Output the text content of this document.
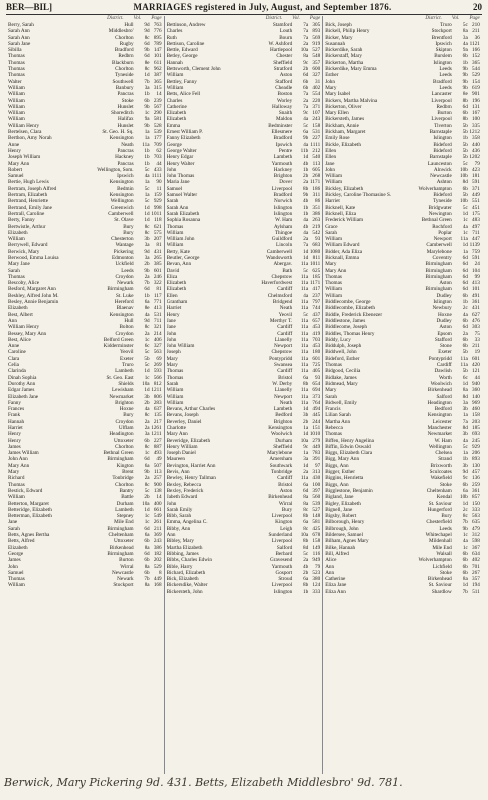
BER—BIL]	MARRIAGES registered in July, August, and September 1876.	20
District. Vol. Page
Berry, Sarah	Hull	9d 763
Sarah Ann	Middlesbro'	9d 776
Sarah Ann	Chorlton	8c 895
Sarah Jane	Rugby	6d 789
Sibilla	Bradford	9b 147
Thomas	Redbrn	6d 101
Thomas	Blackburn	8e 611
Thomas	Chorlton	8c 962
Thomas	Tyneside	1d 387
Walter	Southwell	7b 365
William	Banbury	3a 315
William	Pancras	1b	14
William	Stoke	6b 239
William	Hunslet	9b 567
William	Shoreditch	1c 290
William	Halifax	9a 581
William Henry	Hunslet	9b 528
Bertelsen, Clara	St. Geo. H. Sq.	1a 539
Berthon, Amy Norah	Kensington	1a 177
Anne	Neath	11a 709
Henry	Pancras	1b	62
Joseph William	Hackney	1b 703
Mary Ann	Pancras	1b	44
Robert	Wellington, Som.	5c 433
Samuel	Ipswich	4a 1111
Bertie, Hugh Lewis	Kensington	1a	90
Bertram, Joseph Alfred	Bedmin	5c	11
Bertram, Elizabeth	Kensington	1a 159
Bertrand, Henriette	Wellington	5c 929
Bertrand, Emily Jane	Greenwich	1d 998
Bertrall, Caroline	Camberwell	1d 1011
Berty, Fanny	St. Olave	1d 118
Bertwistle, Arthur	Bury	8c 621
Elizabeth	Bury	8c 575
William	Chesterton	3b 207
Berrywell, Edward	Wantage	3a	81
Berwick, Mary	Pickering	9d 431
Berwood, Emma Louisa	Edmonton	3a 265
Mary Jane	Uckfield	2b 385
Sarah	Leeds	9b 601
Thomas	Croydon	2a 246
Bescoby, Alice	Newark	7b 322
Besford, Margaret Ann	Birmingham	6d	81
Beshley, Alfred John M.	St. Luke	1b 117
Besley, Annie Benjamin	Hereford	6a 771
Elizabeth	Blaenav	8e 413
Best, Albert	Kensington	4a 531
Ann	Hull	9d 711
William Henry	Bolton	8c 321
Bessey, Mary Ann	Croydon	2a 214
Best, Alice	Belford Green	1c 406
Anne	Kidderminster	6c 327
Caroline	Yeovil	5c 563
Clara	Exeter	5b	69
Celia	Truro	5c 269
Clarinda	Lambeth	1d 593
Dinah Sophia	St. Geo. East	1c 566
Dorothy Ann	Shields	10a 812
Edgar James	Lewisham	1d 1211
Elizabeth Jane	Newmarket	3b 806
Fanny	Brighton	2b 283
Frances	Hoxne	4a 637
Frank	Bury	8c 135
Hannah	Croydon	2a 217
Harriet	Ulflam	2a 1261
Henry	Headington	3a 1211
Henry	Uttoxeter	6b 227
James	Chorlton	8c 887
James William	Bethnal Green	1c 493
John Ann	Birmingham	6d	49
Mary Ann	Kington	6a 507
Mary	Brent	9b 113
Richard	Tonbridge	2a 257
Thomas	Chorlton	8c 900
Bestick, Edward	Bantry	5c 138
William	Battle	2b	14
Betterton, Margaret	Durham	10a 400
Betteridge, Elizabeth	Lambeth	1d 661
Betterman, Elizabeth	Stepney	1c 549
Jane	Mile End	1c 261
Sarah	Birmingham	6d 211
Betts, Agnes Bertha	Cheltenham	6a 369
Betts, Alfred	Uttoxeter	6b 243
Elizabeth	Birkenhead	8a 386
George	Birmingham	6d 182
James	Burton	6b 202
John	Wirral	8a 529
Samuel	Newcastle	6b	8
Thomas	Newark	7b 449
William	Stockport	8a 168
District. Vol. Page
Bettinson, Andrew	Stamford	7a 305
Charles	Louth	7a 893
Ruth	Bourn	7a 569
Bettison, Caroline	W. Ashford	2a 919
Bettle, Edward	Hartlepool	10a 527
Betley, George	Chester	8a 548
Hannah	Sheffield	9c 357
Bettsworth, Clement John	Stratford	2b 600
William	Aston	6d 327
Bettley, Fanny	Stafford	6b	31
William	Cheadle	6b 402
Betts, Alice Fell	Boston	7a 554
Charles	Worley	2a 220
Catherine	Halloway	7a 371
Elizabeth	Snaith	9c 107
Elizabeth	Maldon	4a 243
Emma	Bedminster	5c 158
Ernest William P.	Ellesmere	6a 531
Fanny Elizabeth	Bradford	9b 227
George	Ipswich	4a 1111
George Walter	Pentre	11b 212
Henry Edgar	Lambeth	1d 540
Henry Walter	Yarmouth	4b 113
John	Hackney	1b 605
John Thomas	Brighton	2b 268
Maria Jane	Dover	2a 1171
Samuel	Liverpool	8b 186
Samuel Walter	Bradford	9b 311
Sarah	Norwich	4b	86
Sarah Ann	Islington	1b 351
Sarah Elizabeth	Islington	1b 386
Sophia Rosanna	W. Ham	4a 263
Thomas	Aylsham	4b 219
William	Thingoe	4a 542
William John	Guildford	2a	93
William	Lincoln	7a 683
Betty, Kate	Camberwell	1d 1080
Beutler, George	Wandsworth	1d 811
Bevan, Ann	Abergav.	11a 1011
David	Bath	5c 625
Eliza	Chepstow	11a 185
Elizabeth	Haverfordwest	11a 1171
Elizabeth	Cardiff	11a 417
Ellen	Chelmsford	4a 237
Grantham	Bridgend	11a 797
Harriet	Neath	11a 744
Henry	Yeovil	5c 437
Jane	Merthyr T.	11a 657
Jane	Cardiff	11a 453
John	Cardiff	11a 419
John	Llanelly	11a 703
John William	Newport	11a 453
Joseph	Chepstow	11a 180
Mary	Pontypridd	11a 601
Mary	Swansea	11a 725
Thomas	Cardiff	11a 405
Thomas	Bristol	6a	93
Sarah	W. Derby	8b 654
William	Llanelly	11a 694
William	Newport	11a 373
William	Neath	11a 764
Bevans, Arthur Charles	Lambeth	1d 494
Bevans, Joseph	Bedford	3b 445
Beverley, Daniel	Brighton	2b 244
Charlotte	Kensington	1a 151
Mary Ann	Woolwich	1d 1010
Beveridge, Elizabeth	Durham	10a 279
Henry William	Sheffield	9c 449
Joseph Daniel	Marylebone	1a 783
Maureen	Amersham	3a 391
Bevington, Harriet Ann	Southwark	1d	97
Bevis, Ann	Tonbridge	2a 313
Bewley, Henry Tallman	Cardiff	11a 430
Bexley, Rebecca	Bristol	6a 100
Bexley, Frederick	Aston	6d 397
Jabeth Edward	Birkenhead	8a 560
John	Wirral	8a 539
Sarah Emily	Bury	8c 527
Bibb, Sarah	Liverpool	8b 148
Emma, Angelina C.	Kington	6a 581
Bibby, Ann	Leigh	8c 425
Ann	Sunderland	10a 678
Bibley, Mary	Liverpool	8b 158
Martha Elizabeth	Salford	8d 149
Bibbing, James	Berbard	5c 116
Bibbs, Charles Edwin	Gravesend	2a 949
Bible, Harry	Yarmouth	4b	79
Bichard, Elizabeth	Gosport	2b 523
Bick, Elizabeth	Stroud	6a 380
Bickersdike, Walter	Liverpool	8b 124
Bickersteth, John	Islington	1b 333
District. Vol. Page
Bick, Joseph	Truro	5c 210
Bickell, Philip Henry	Stockport	8a 211
Bicker, Mary	Brentford	3a	36
Susannah	Ipswich	4a 1121
Bickerdike, Sarah	Skipton	9a 166
Bickerstaff, Mary	Burslem	6b 152
Bickerton, Martha	Islington	1b 365
Bickerdike, Mary Emma	Leeds	9b 544
Esther	Leeds	9b 529
John	Bradford	9b 154
Mary	Leeds	9b 619
Mary Isabel	Lancaster	8e 901
Bickers, Martha Malvina	Liverpool	8b 196
Bickerton, Oliver	Redbrn	6d 131
Mary Ellen	Burton	6b 167
Bickersteth, James	Liverpool	8b 100
Bickham, Annie	Tiverton	5b 335
Bickham, Margaret	Barnstaple	5b 1212
Emily Rose	Islington	1b 358
Bickle, Elizabeth	Bideford	5b 440
Ellen	Bideford	5b 436
Ellen	Barnstaple	5b 1202
Jane	Launceston	5c	79
John	Alnwick	10b 423
William	Newcastle	10b 181
William	Ashton	8d 591
Bickley, Elizabeth	Wolverhampton	6b 371
Bickley, Caroline Thomasine S.	Bideford	5b 449
Harriet	Tyneside	10b 551
Bicknell, Kate	Bridgwater	5c 451
Bicknell, Eliza	Newington	1d 175
Frederick William	Bethnal Green	1c 483
Grace	Rochford	4a 497
Sarah	Poplar	1c 711
William	Newport	11a 447
William Edward	Camberwell	1d 1139
Bidder, Ada Eliza	Marylebone	1a 759
Bicknall, Emma	Coventry	6d 591
Mary	Birmingham	6d	24
Mary Ann	Birmingham	6d 104
Thomas	Birmingham	6d	99
Thomas	Aston	6d 413
William	Birmingham	6d 101
William	Dudley	6b 491
Biddlecombe, George	Islington	1b 361
Biddlecombe, Elizabeth	Newbury	2c 431
Biddle, Frederick Ebenezer	Hoxne	4a 627
Biddlestone, James	Dudley	6b 476
Biddlecome, Joseph	Aston	6d 303
Biddles, Thomas Henry	Epsom	2a	75
Biddy, Lucy	Stafford	6b	33
Biddulph, Joseph	Stone	6b 211
Biddwell, John	Exeter	5b	19
Bideford, Esther	Pontypridd	11a 601
Thomas	Cardiff	11a 420
Bidgood, Cecilia	Dawlish	5b 121
Bidlake, James	Worth	6c	44
Bidmead, Mary	Woolwich	1d 940
Mary	Birkenhead	8a 360
Sarah	Salford	8d 140
Bidwell, Emily	Headington	3a 969
Francis	Bedford	3b 460
Lilian Sarah	Kensington	1a 158
Martha Ann	Leicester	7a 203
Rebecca	Manchester	8d 185
Thomas	Newmarket	3b 693
Biffen, Henry Angelina	W. Ham	4a 245
Biffin, Edwin Oswald	Wellington	5c 929
Biggs, Elizabeth Clara	Chelsea	1a 206
Bigg, Mary Ann	Strand	1b 893
Biggs, Ann	Brixworth	3b 130
Bigger, Esther	Sculcoates	9d 457
Biggins, Henrietta	Wakefield	9c 136
Biggs, Ann	Stoke	6b 259
Bigglestone, Benjamin	Cheltenham	6a 361
Bigland, Jane	Kendal	10b 857
Bigley, Elizabeth	St. Saviour	1d 150
Bignell, Jane	Hungerford	2c 333
Bigsby, Robert	Bury	8c 563
Bilborough, Henry	Chesterfield	7b 635
Bilbrough, John	Leeds	9b 479
Bildersee, Samuel	Whitechapel	1c 312
Bilham, Agnes Mary	Mildenhall	4a 598
Bilke, Hannah	Mile End	1c 367
Bill, Alfred	Walsall	6b 634
Alice	Wolverhampton	6b 402
Ann	Lichfield	6b 701
Ann	Stoke	6b 267
Catherine	Birkenhead	8a 357
Eliza Jane	St. Saviour	1d 194
Eliza Ann	Shardlow	7b 511
Berwick, Mary Pickering 9d. 431. Betts, Elizabeth Middlesbro' 9d. 781.
